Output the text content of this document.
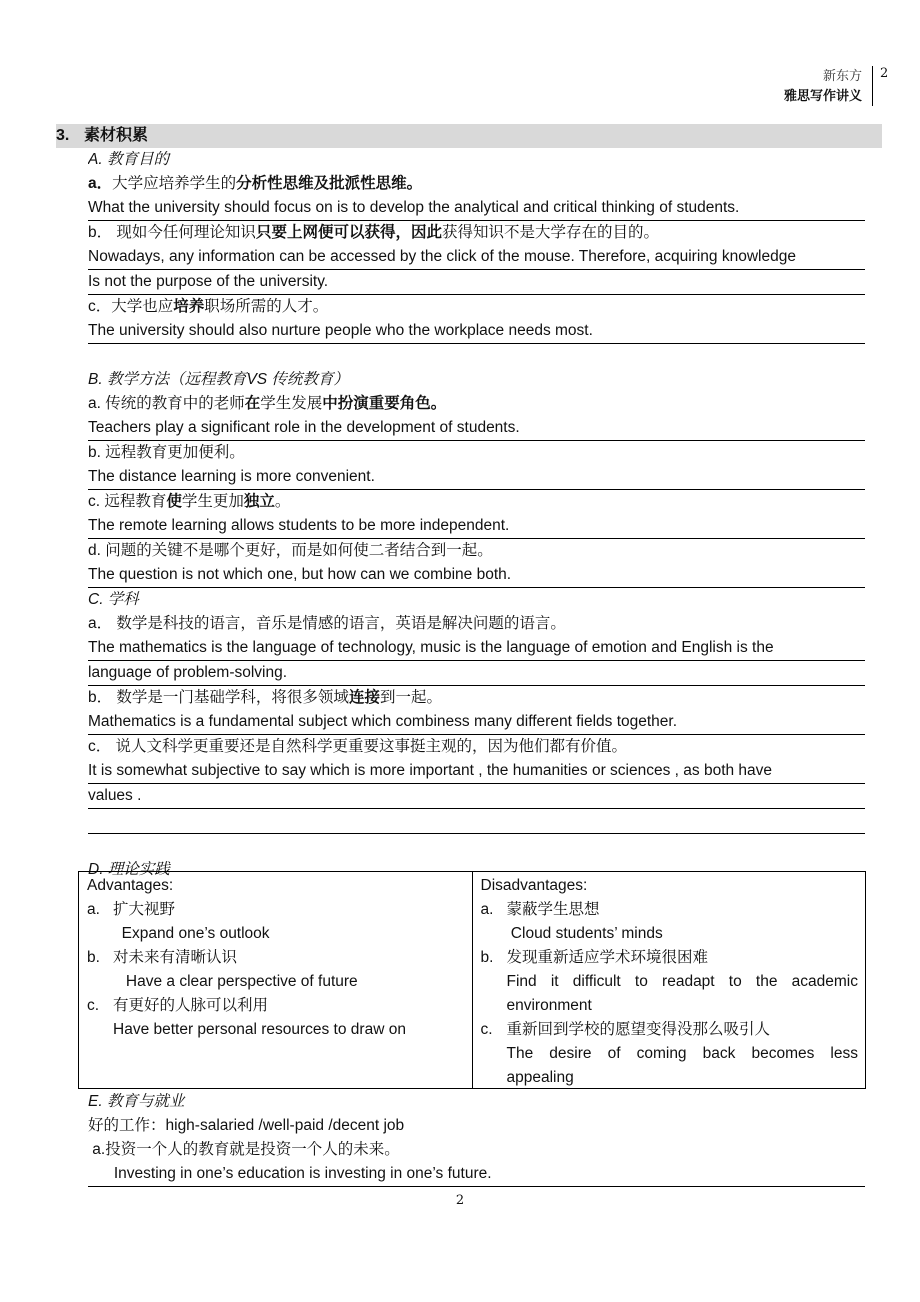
新东方
雅思写作讲义
2
3. 素材积累
A. 教育目的
a．大学应培养学生的分析性思维及批派性思维。
What the university should focus on is to develop the analytical and critical thinking of students.
b． 现如今任何理论知识只要上网便可以获得，因此获得知识不是大学存在的目的。
Nowadays, any information can be accessed by the click of the mouse. Therefore, acquiring knowledge
Is not the purpose of the university.
c．大学也应培养职场所需的人才。
The university should also nurture people who the workplace needs most.
B. 教学方法（远程教育VS 传统教育）
a. 传统的教育中的老师在学生发展中扮演重要角色。
Teachers play a significant role in the development of students.
b. 远程教育更加便利。
The distance learning is more convenient.
c. 远程教育使学生更加独立。
The remote learning allows students to be more independent.
d. 问题的关键不是哪个更好，而是如何使二者结合到一起。
The question is not which one, but how can we combine both.
C. 学科
a． 数学是科技的语言，音乐是情感的语言，英语是解决问题的语言。
The mathematics is the language of technology, music is the language of emotion and English is the
language of problem-solving.
b． 数学是一门基础学科，将很多领域连接到一起。
Mathematics is a fundamental subject which combiness many different fields together.
c． 说人文科学更重要还是自然科学更重要这事挺主观的，因为他们都有价值。
It is somewhat subjective to say which is more important , the humanities or sciences , as both have
values .
D. 理论实践
Advantages:
a. 扩大视野
Expand one’s outlook
b. 对未来有清晰认识
Have a clear perspective of future
c. 有更好的人脉可以利用
Have better personal resources to draw on
Disadvantages:
a. 蒙蔽学生思想
Cloud students’ minds
b. 发现重新适应学术环境很困难
Find it difficult to readapt to the academic
environment
c. 重新回到学校的愿望变得没那么吸引人
The desire of coming back becomes less
appealing
E. 教育与就业
好的工作：high-salaried /well-paid /decent job
a.投资一个人的教育就是投资一个人的未来。
Investing in one’s education is investing in one’s future.
2
